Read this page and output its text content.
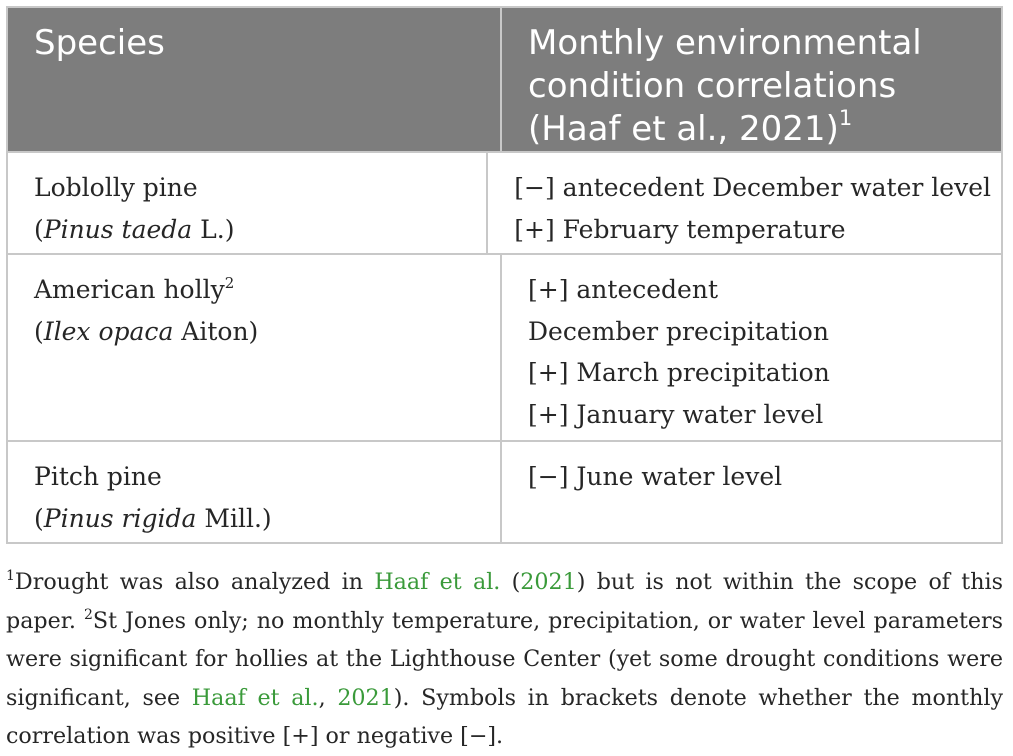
Species	Monthly environmental
condition correlations
(Haaf et al., 2021)$^1$
Loblolly pine
(Pinus taeda L.)
[−] antecedent December water level
[+] February temperature
American holly$^2$
(Ilex opaca Aiton)
[+] antecedent December precipitation
[+] March precipitation
[+] January water level
Pitch pine
(Pinus rigida Mill.)
[−] June water level
$^1$Drought was also analyzed in Haaf et al. (2021) but is not within the scope of this paper. $^2$St Jones only; no monthly temperature, precipitation, or water level parameters were significant for hollies at the Lighthouse Center (yet some drought conditions were significant, see Haaf et al., 2021). Symbols in brackets denote whether the monthly correlation was positive [+] or negative [−].
